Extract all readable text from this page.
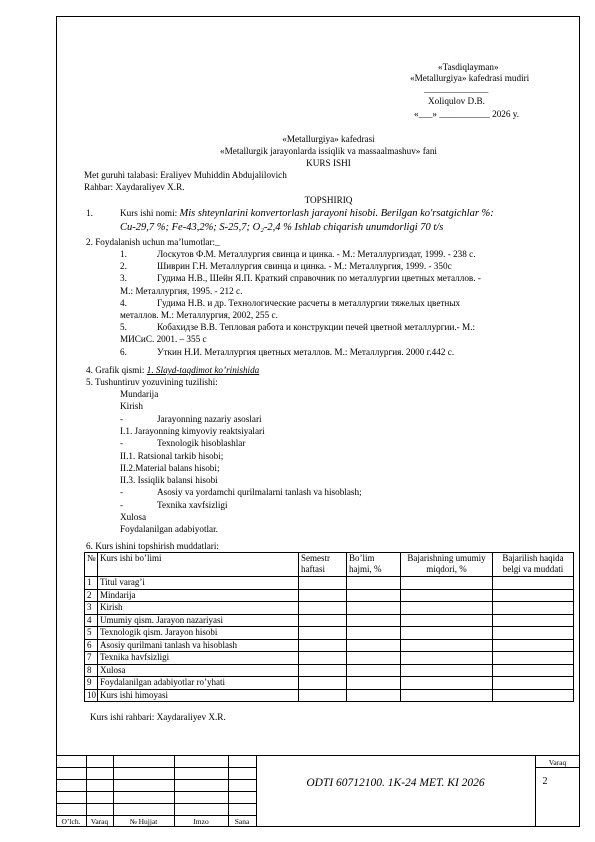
«Tasdiqlayman»
«Metallurgiya» kafedrasi mudiri
______________
Xoliqulov D.B.
«___» ___________ 2026 y.
«Metallurgiya» kafedrasi
«Metallurgik jarayonlarda issiqlik va massaalmashuv» fani
KURS ISHI
Met guruhi talabasi: Eraliyev Muhiddin Abdujalilovich
Rahbar: Xaydaraliyev X.R.
TOPSHIRIQ
1.	Kurs ishi nomi: Mis shteynlarini konvertorlash jarayoni hisobi. Berilgan ko'rsatgichlar %:
Cu-29,7 %; Fe-43,2%; S-25,7; O₂-2,4 % Ishlab chiqarish unumdorligi 70 t/s
2. Foydalanish uchun ma’lumotlar:_
1.	Лоскутов Ф.М. Металлургия свинца и цинка. - М.: Металлургиздат, 1999. - 238 с.
2.	Шиврин Г.Н. Металлургия свинца и цинка. - М.: Металлургия, 1999. - 350с
3.	Гудима Н.В., Шейн Я.П. Краткий справочник по металлургии цветных металлов. -
М.: Металлургия, 1995. - 212 с.
4.	Гудима Н.В. и др. Технологические расчеты в металлургии тяжелых цветных
металлов. М.: Металлургия, 2002, 255 с.
5.	Кобахидзе В.В. Тепловая работа и конструкции печей цветной металлургии.- М.:
МИСиС. 2001. – 355 с
6.	Уткин Н.И. Металлургия цветных металлов. М.: Металлургия. 2000 г.442 с.
4. Grafik qismi: 1. Slayd-taqdimot ko’rinishida
5. Tushuntiruv yozuvining tuzilishi:
Mundarija
Kirish
-	Jarayonning nazariy asoslari
I.1. Jarayonning kimyoviy reaktsiyalari
-	Texnologik hisoblashlar
II.1. Ratsional tarkib hisobi;
II.2.Material balans hisobi;
II.3. Issiqlik balansi hisobi
-	Asosiy va yordamchi qurilmalarni tanlash va hisoblash;
-	Texnika xavfsizligi
Xulosa
Foydalanilgan adabiyotlar.
6. Kurs ishini topshirish muddatlari:
№	Kurs ishi bo’limi	Semestr haftasi	Bo’lim hajmi, %	Bajarishning umumiy miqdori, %	Bajarilish haqida belgi va muddati
1	Titul varag’i				
2	Mindarija				
3	Kirish				
4	Umumiy qism. Jarayon nazariyasi				
5	Texnologik qism. Jarayon hisobi				
6	Asosiy qurilmani tanlash va hisoblash				
7	Texnika havfsizligi				
8	Xulosa				
9	Foydalanilgan adabiyotlar ro’yhati				
10	Kurs ishi himoyasi				
Kurs ishi rahbari: Xaydaraliyev X.R.
O’lch.	Varaq	№ Hujjat	Imzo	Sana
ODTI 60712100. 1K-24 MET. KI 2026
Varaq
2
